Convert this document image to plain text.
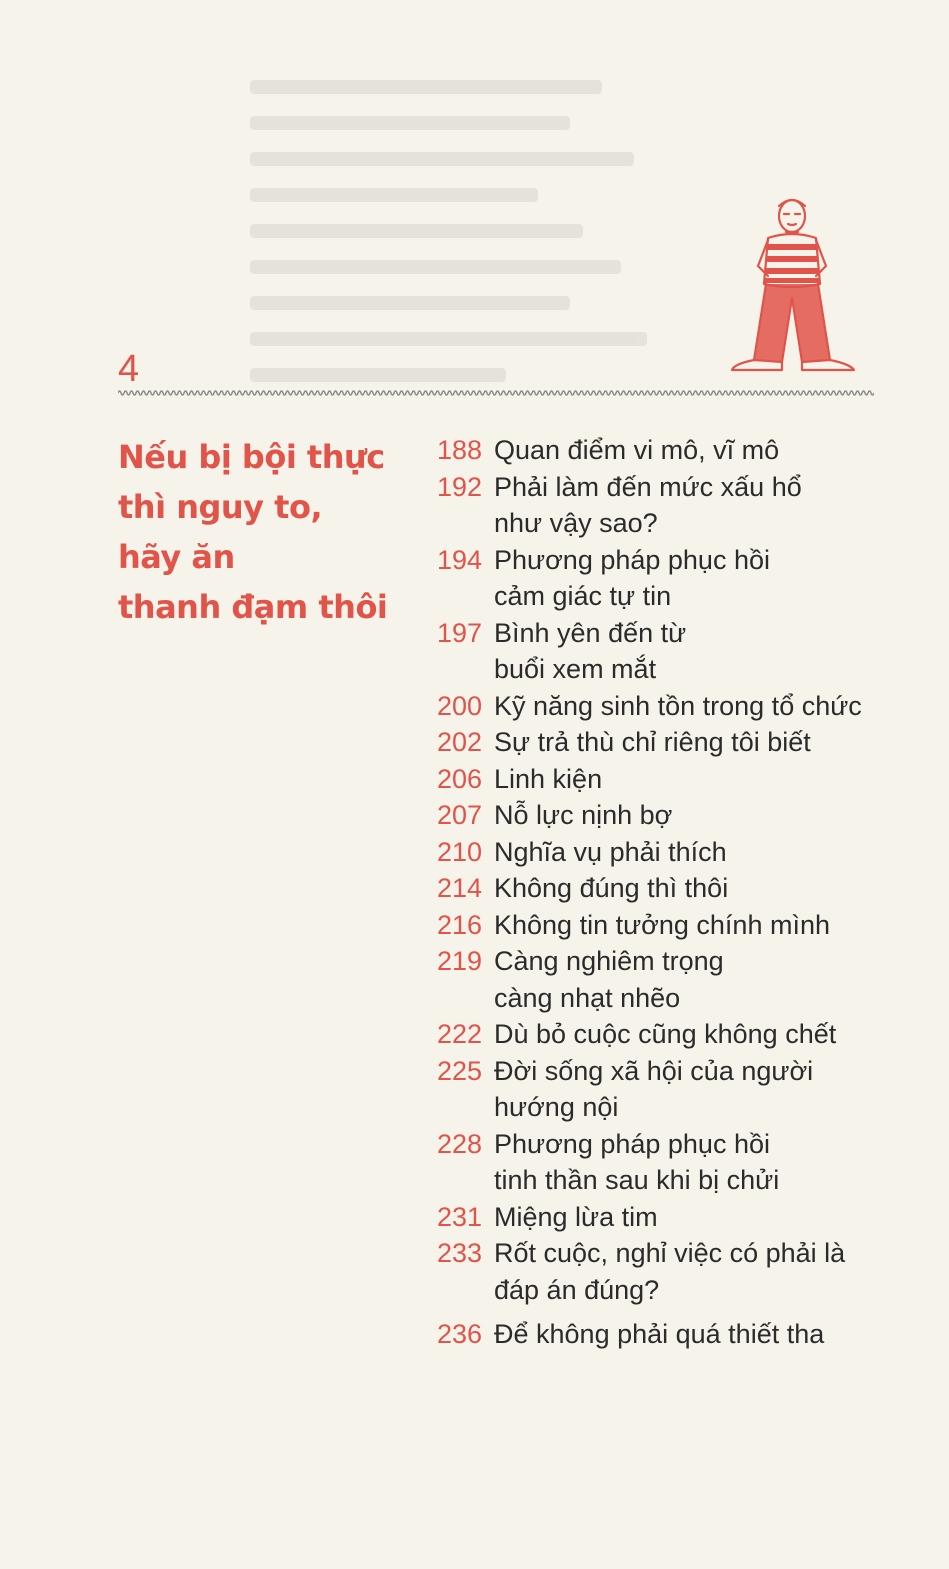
4
Nếu bị bội thực
thì nguy to,
hãy ăn
thanh đạm thôi
188 Quan điểm vi mô, vĩ mô
192 Phải làm đến mức xấu hổ
như vậy sao?
194 Phương pháp phục hồi
cảm giác tự tin
197 Bình yên đến từ
buổi xem mắt
200 Kỹ năng sinh tồn trong tổ chức
202 Sự trả thù chỉ riêng tôi biết
206 Linh kiện
207 Nỗ lực nịnh bợ
210 Nghĩa vụ phải thích
214 Không đúng thì thôi
216 Không tin tưởng chính mình
219 Càng nghiêm trọng
càng nhạt nhẽo
222 Dù bỏ cuộc cũng không chết
225 Đời sống xã hội của người
hướng nội
228 Phương pháp phục hồi
tinh thần sau khi bị chửi
231 Miệng lừa tim
233 Rốt cuộc, nghỉ việc có phải là
đáp án đúng?
236 Để không phải quá thiết tha
